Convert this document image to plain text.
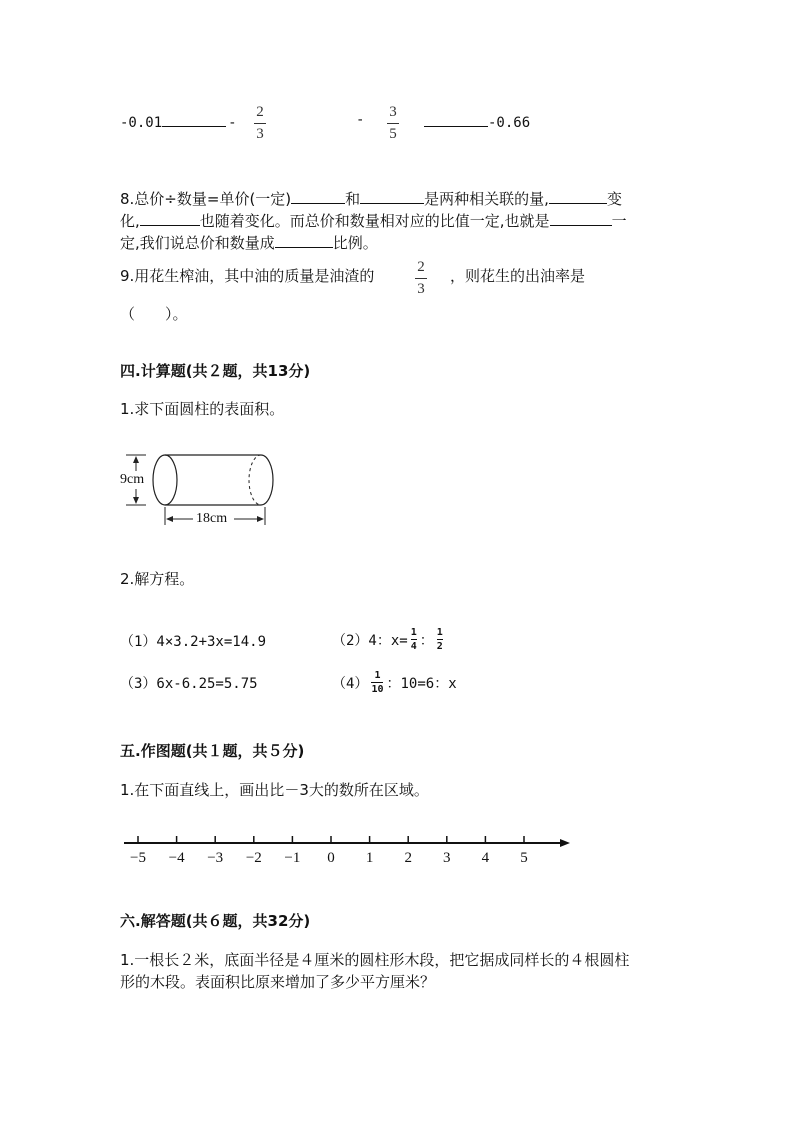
-0.01	-
2
3
- 3
5
-0.66
8.总价÷数量=单价(一定)	和	是两种相关联的量,	变
化,	也随着变化。而总价和数量相对应的比值一定,也就是	一
定,我们说总价和数量成	比例。
9.用花生榨油，其中油的质量是油渣的	2
3
，则花生的出油率是
（　　）。
四.计算题(共２题，共13分)
1.求下面圆柱的表面积。
9cm
18cm
2.解方程。
（1）4×3.2+3x=14.9	（2）4：x= 1
4 ： 1
2
（3）6x-6.25=5.75	（4） 1
10 ：10=6：x
五.作图题(共１题，共５分)
1.在下面直线上，画出比－3大的数所在区域。
−5 −4 −3 −2 −1	0	1	2	3	4	5
六.解答题(共６题，共32分)
1.一根长２米，底面半径是４厘米的圆柱形木段，把它据成同样长的４根圆柱
形的木段。表面积比原来增加了多少平方厘米？
